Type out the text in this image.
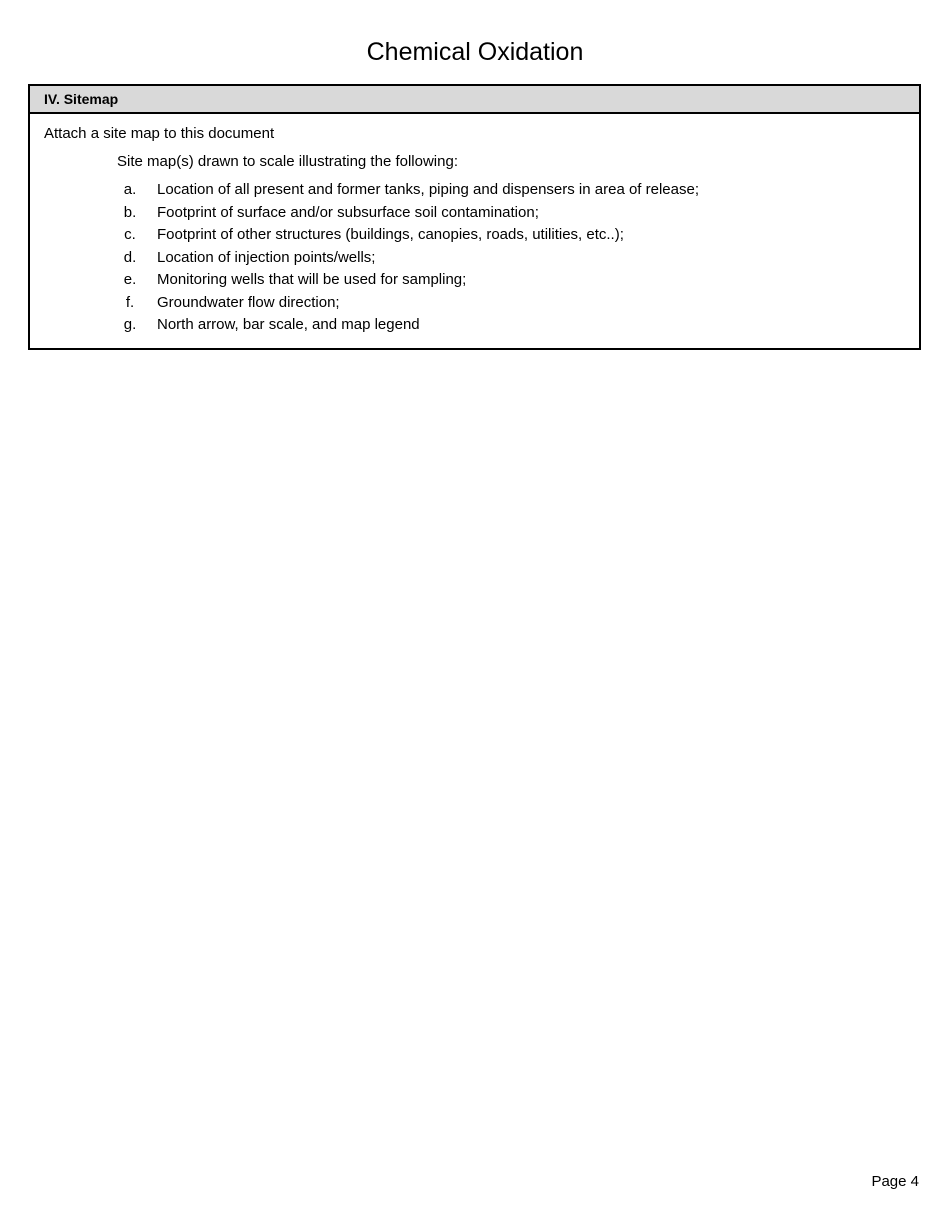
Chemical Oxidation
IV. Sitemap
Attach a site map to this document
Site map(s) drawn to scale illustrating the following:
a.	Location of all present and former tanks, piping and dispensers in area of release;
b.	Footprint of surface and/or subsurface soil contamination;
c.	Footprint of other structures (buildings, canopies, roads, utilities, etc..);
d.	Location of injection points/wells;
e.	Monitoring wells that will be used for sampling;
f.	Groundwater flow direction;
g.	North arrow, bar scale, and map legend
Page 4
